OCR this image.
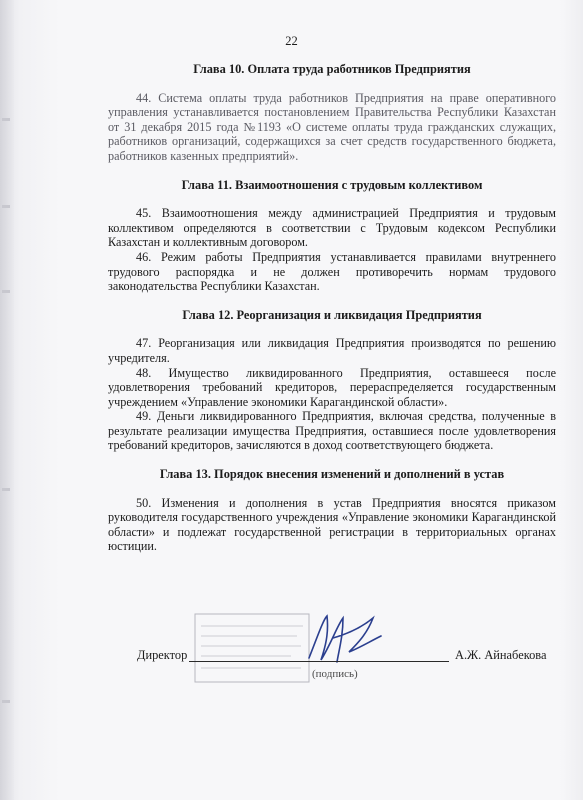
22

Глава 10. Оплата труда работников Предприятия

44. Система оплаты труда работников Предприятия на праве оперативного управления устанавливается постановлением Правительства Республики Казахстан от 31 декабря 2015 года №1193 «О системе оплаты труда гражданских служащих, работников организаций, содержащихся за счет средств государственного бюджета, работников казенных предприятий».

Глава 11. Взаимоотношения с трудовым коллективом

45. Взаимоотношения между администрацией Предприятия и трудовым коллективом определяются в соответствии с Трудовым кодексом Республики Казахстан и коллективным договором.

46. Режим работы Предприятия устанавливается правилами внутреннего трудового распорядка и не должен противоречить нормам трудового законодательства Республики Казахстан.

Глава 12. Реорганизация и ликвидация Предприятия

47. Реорганизация или ликвидация Предприятия производятся по решению учредителя.

48. Имущество ликвидированного Предприятия, оставшееся после удовлетворения требований кредиторов, перераспределяется государственным учреждением «Управление экономики Карагандинской области».

49. Деньги ликвидированного Предприятия, включая средства, полученные в результате реализации имущества Предприятия, оставшиеся после удовлетворения требований кредиторов, зачисляются в доход соответствующего бюджета.

Глава 13. Порядок внесения изменений и дополнений в устав

50. Изменения и дополнения в устав Предприятия вносятся приказом руководителя государственного учреждения «Управление экономики Карагандинской области» и подлежат государственной регистрации в территориальных органах юстиции.

Директор	А.Ж. Айнабекова
(подпись)
